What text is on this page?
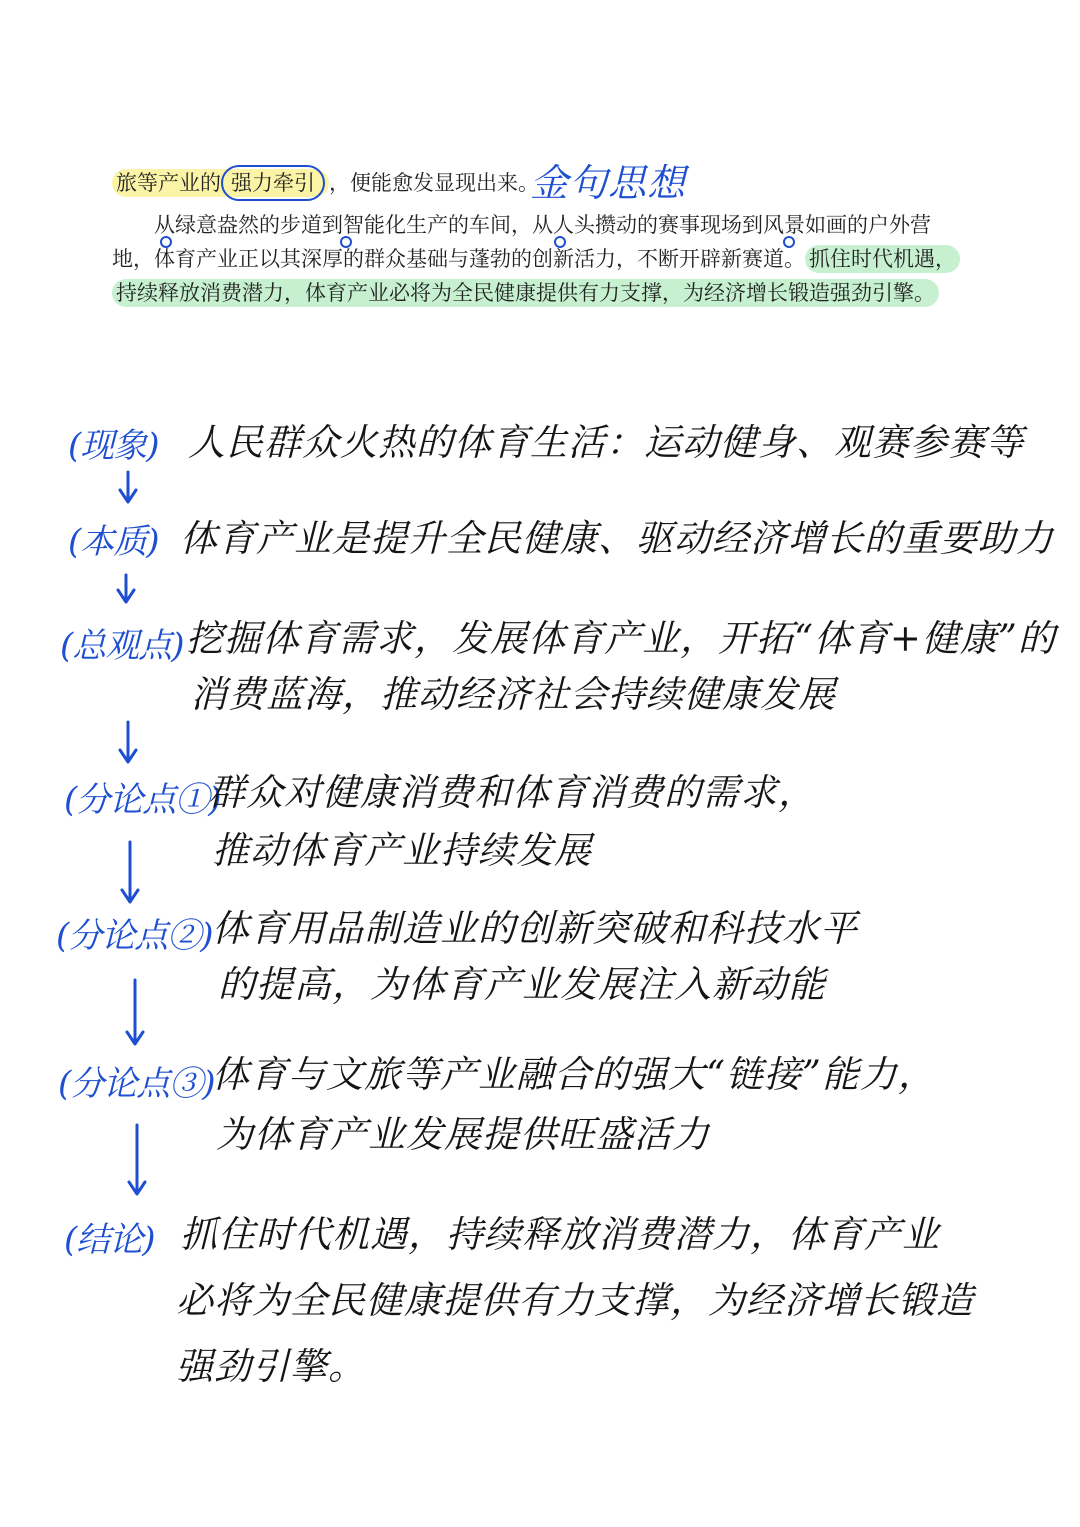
旅等产业的 强力牵引 ，便能愈发显现出来。
金句思想
从绿意盎然的步道到智能化生产的车间，从人头攒动的赛事现场到风景如画的户外营
地，体育产业正以其深厚的群众基础与蓬勃的创新活力，不断开辟新赛道。 抓住时代机遇，
持续释放消费潜力，体育产业必将为全民健康提供有力支撑，为经济增长锻造强劲引擎。
(现象) 人民群众火热的体育生活：运动健身、观赛参赛等
(本质) 体育产业是提升全民健康、驱动经济增长的重要助力
(总观点) 挖掘体育需求，发展体育产业，开拓“体育+健康”的
消费蓝海，推动经济社会持续健康发展
(分论点①)
群众对健康消费和体育消费的需求，
推动体育产业持续发展
(分论点②) 体育用品制造业的创新突破和科技水平
的提高，为体育产业发展注入新动能
(分论点③)
体育与文旅等产业融合的强大“链接”能力，
为体育产业发展提供旺盛活力
(结论) 抓住时代机遇，持续释放消费潜力，体育产业
必将为全民健康提供有力支撑，为经济增长锻造
强劲引擎。
